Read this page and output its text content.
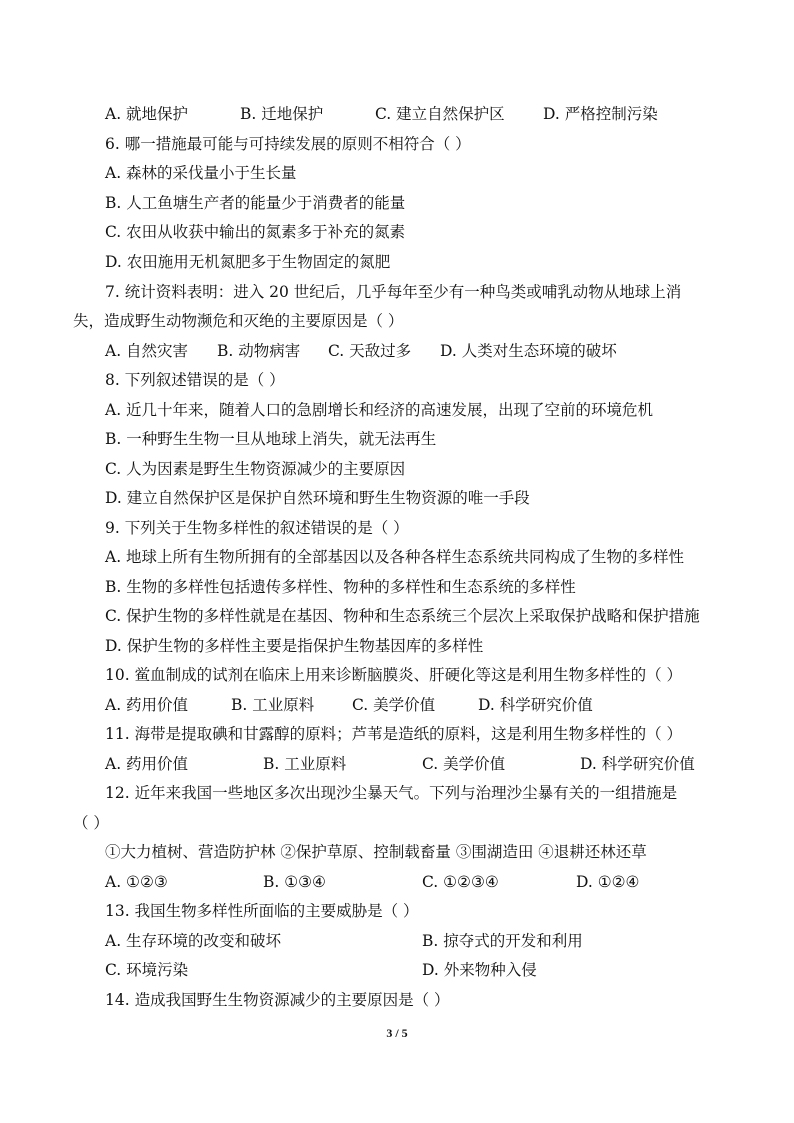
A. 就地保护	B. 迁地保护	C. 建立自然保护区 D. 严格控制污染
6. 哪一措施最可能与可持续发展的原则不相符合（ ）
A. 森林的采伐量小于生长量
B. 人工鱼塘生产者的能量少于消费者的能量
C. 农田从收获中输出的氮素多于补充的氮素
D. 农田施用无机氮肥多于生物固定的氮肥
7. 统计资料表明：进入 20 世纪后，几乎每年至少有一种鸟类或哺乳动物从地球上消
失，造成野生动物濒危和灭绝的主要原因是（ ）
A. 自然灾害 B. 动物病害 C. 天敌过多 D. 人类对生态环境的破坏
8. 下列叙述错误的是（ ）
A. 近几十年来，随着人口的急剧增长和经济的高速发展，出现了空前的环境危机
B. 一种野生生物一旦从地球上消失，就无法再生
C. 人为因素是野生生物资源减少的主要原因
D. 建立自然保护区是保护自然环境和野生生物资源的唯一手段
9. 下列关于生物多样性的叙述错误的是（ ）
A. 地球上所有生物所拥有的全部基因以及各种各样生态系统共同构成了生物的多样性
B. 生物的多样性包括遗传多样性、物种的多样性和生态系统的多样性
C. 保护生物的多样性就是在基因、物种和生态系统三个层次上采取保护战略和保护措施
D. 保护生物的多样性主要是指保护生物基因库的多样性
10. 鲎血制成的试剂在临床上用来诊断脑膜炎、肝硬化等这是利用生物多样性的（ ）
A. 药用价值	B. 工业原料 C. 美学价值	D. 科学研究价值
11. 海带是提取碘和甘露醇的原料；芦苇是造纸的原料，这是利用生物多样性的（ ）
A. 药用价值	B. 工业原料	C. 美学价值	D. 科学研究价值
12. 近年来我国一些地区多次出现沙尘暴天气。下列与治理沙尘暴有关的一组措施是
（ ）
①大力植树、营造防护林 ②保护草原、控制载畜量 ③围湖造田 ④退耕还林还草
A. ①②③	B. ①③④	C. ①②③④	D. ①②④
13. 我国生物多样性所面临的主要威胁是（ ）
A. 生存环境的改变和破坏	B. 掠夺式的开发和利用
C. 环境污染	D. 外来物种入侵
14. 造成我国野生生物资源减少的主要原因是（ ）
3 / 5
